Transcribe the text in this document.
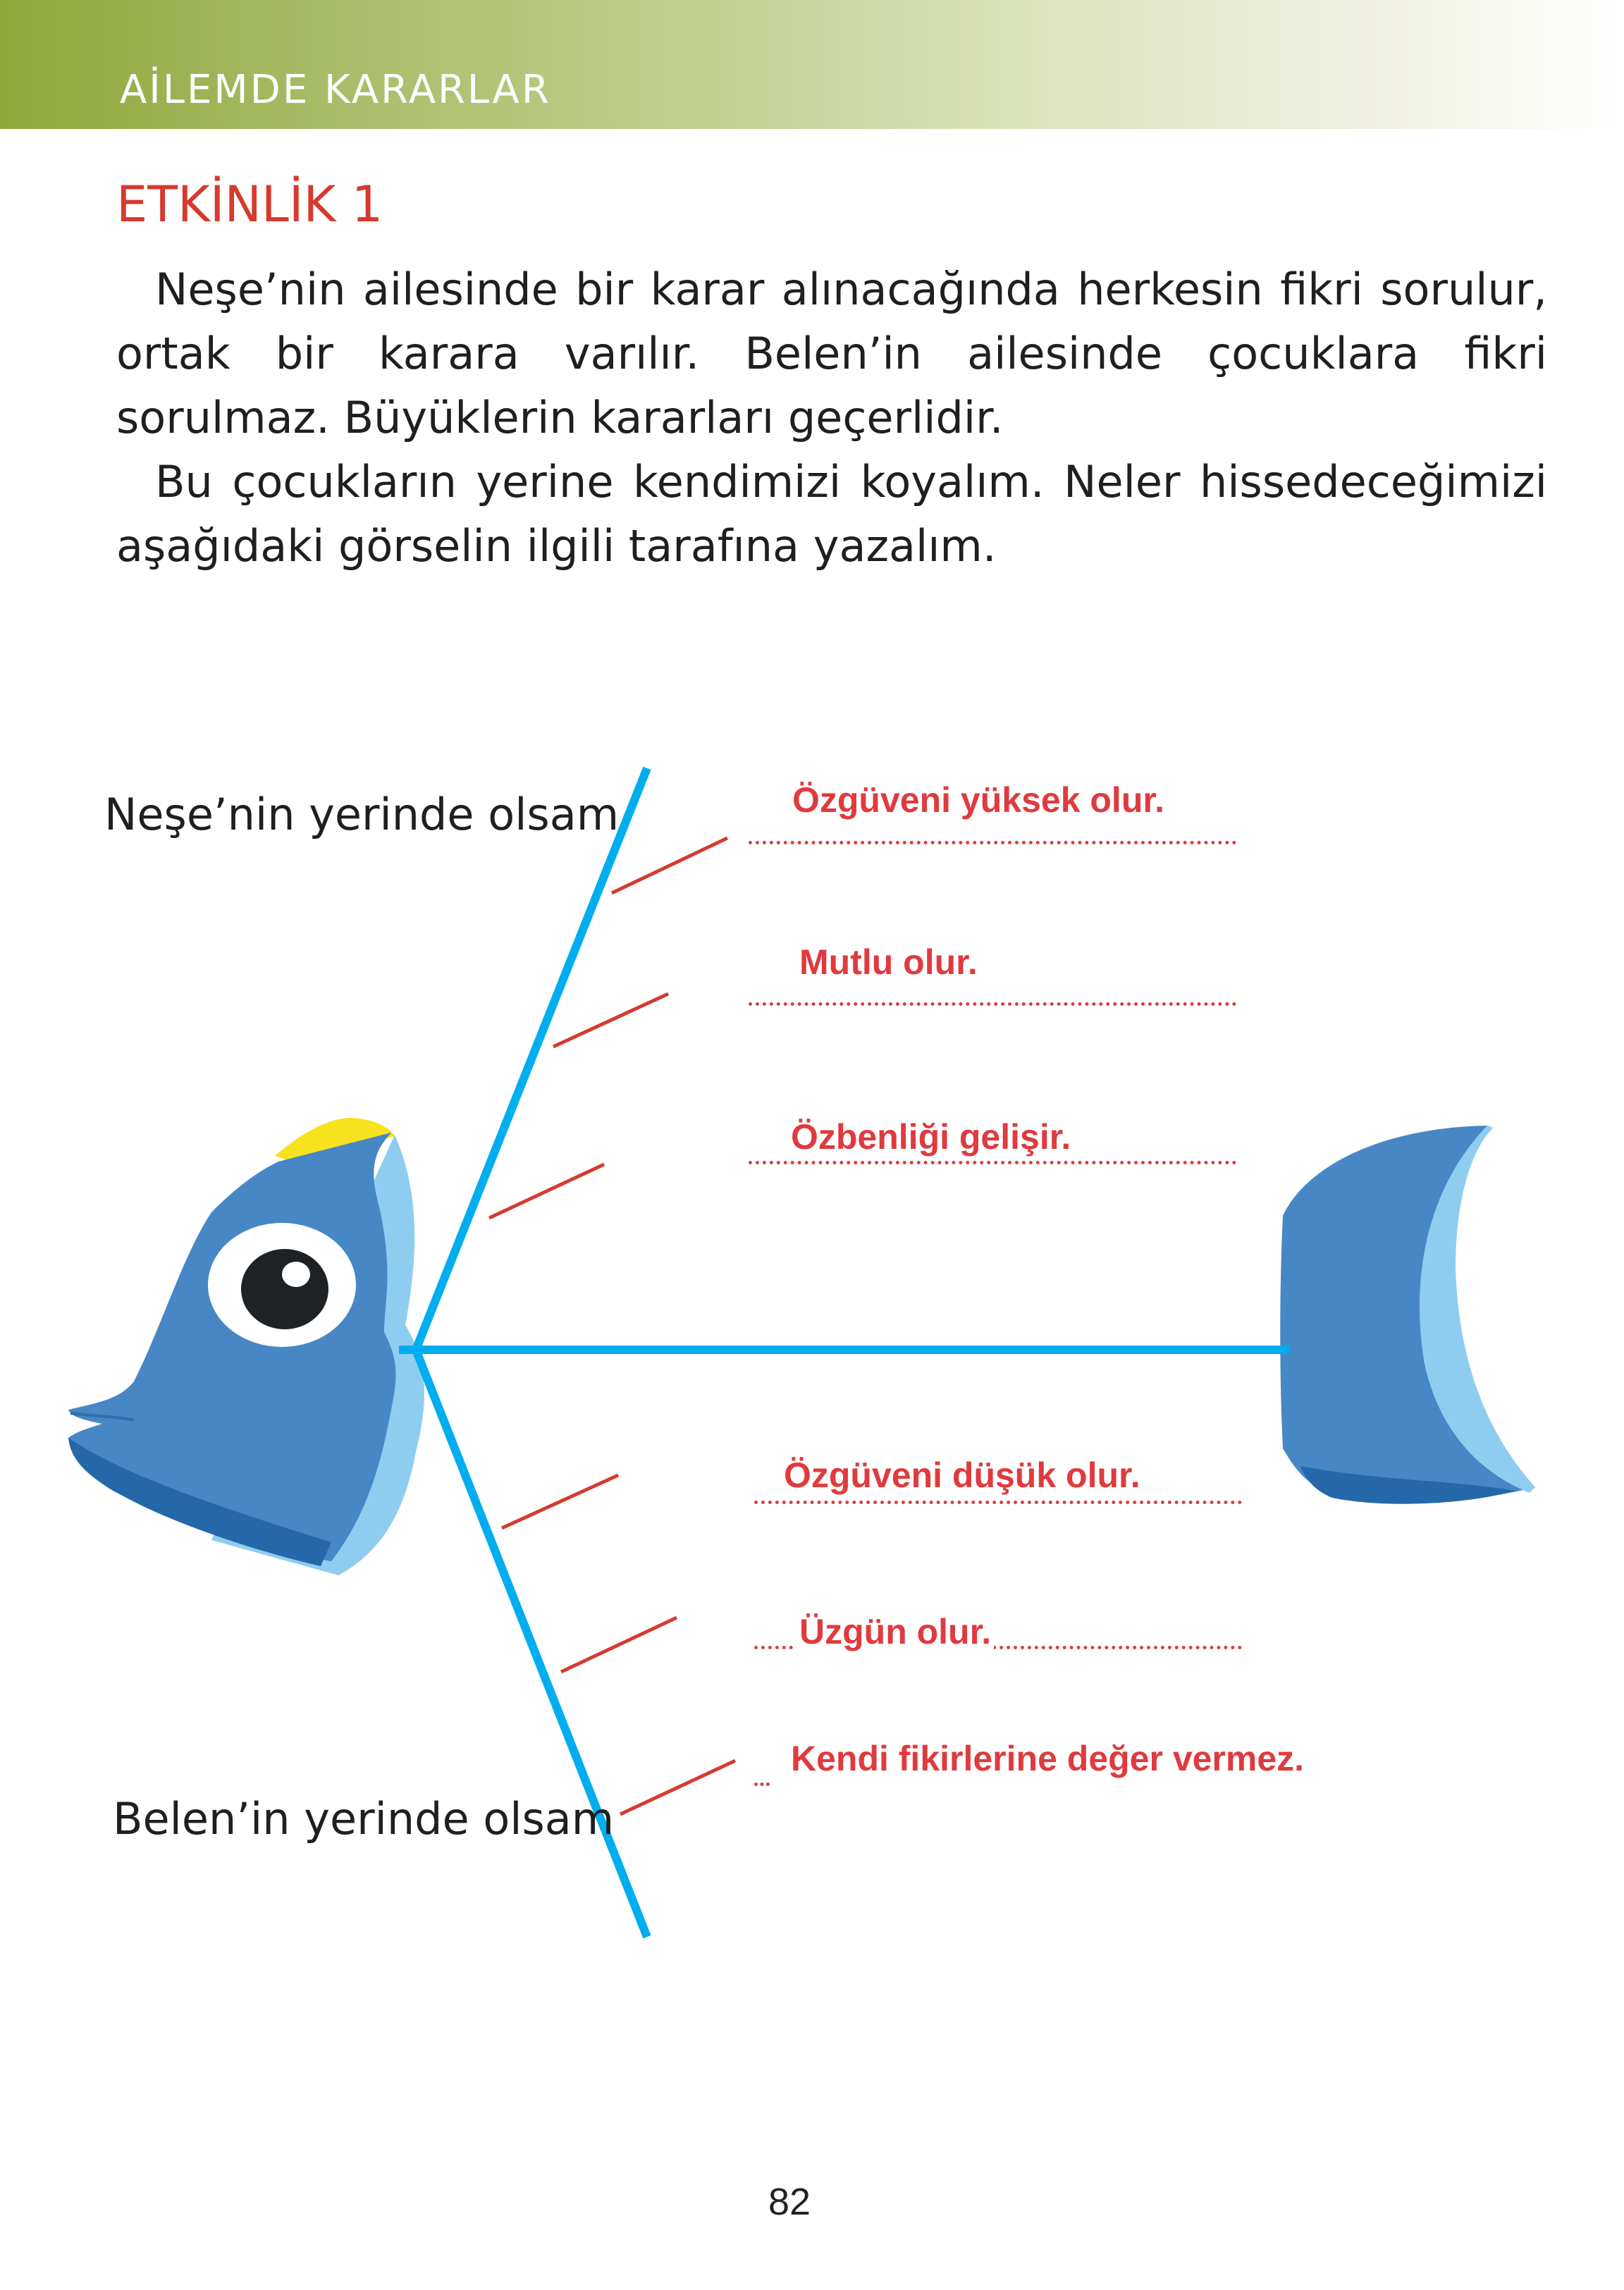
AİLEMDE KARARLAR
ETKİNLİK 1

Neşe’nin ailesinde bir karar alınacağında herkesin fikri sorulur, ortak bir karara varılır. Belen’in ailesinde çocuklara fikri sorulmaz. Büyüklerin kararları geçerlidir.

Bu çocukların yerine kendimizi koyalım. Neler hissedeceğimizi aşağıdaki görselin ilgili tarafına yazalım.

Neşe’nin yerinde olsam
Belen’in yerinde olsam
Özgüveni yüksek olur.
Mutlu olur.
Özbenliği gelişir.
Özgüveni düşük olur.
Üzgün olur.
Kendi fikirlerine değer vermez.
82
